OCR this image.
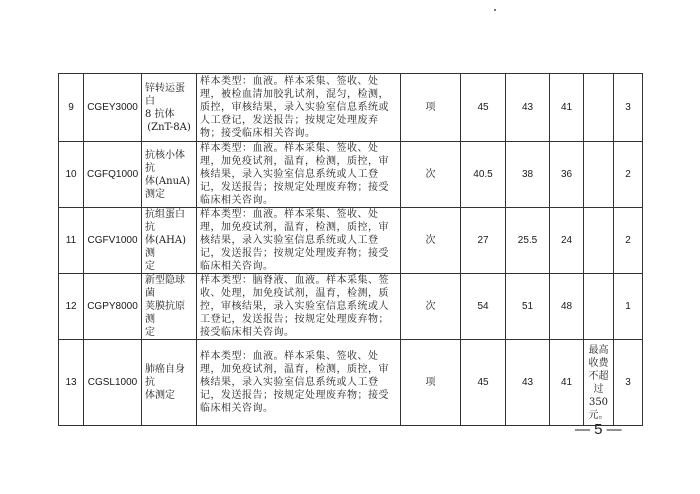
9	CGEY3000	锌转运蛋白
8 抗体
(ZnT-8A)	样本类型：血液。样本采集、签收、处理，被检血清加胶乳试剂，混匀，检测，质控，审核结果，录入实验室信息系统或人工登记，发送报告；按规定处理废弃物；接受临床相关咨询。	项	45	43	41		3
10	CGFQ1000	抗核小体抗
体(AnuA)
测定	样本类型：血液。样本采集、签收、处理，加免疫试剂，温育，检测，质控，审核结果，录入实验室信息系统或人工登记，发送报告；按规定处理废弃物；接受临床相关咨询。	次	40.5	38	36		2
11	CGFV1000	抗组蛋白抗
体(AHA)测
定	样本类型：血液。样本采集、签收、处理，加免疫试剂，温育，检测，质控，审核结果，录入实验室信息系统或人工登记，发送报告；按规定处理废弃物；接受临床相关咨询。	次	27	25.5	24		2
12	CGPY8000	新型隐球菌
荚膜抗原测
定	样本类型：脑脊液、血液。样本采集、签收、处理，加免疫试剂，温育，检测，质控，审核结果，录入实验室信息系统或人工登记，发送报告；按规定处理废弃物；接受临床相关咨询。	次	54	51	48		1
13	CGSL1000	肺癌自身抗
体测定	样本类型：血液。样本采集、签收、处理，加免疫试剂，温育，检测，质控，审核结果，录入实验室信息系统或人工登记，发送报告；按规定处理废弃物；接受临床相关咨询。	项	45	43	41	最高收费不超过350元。	3
— 5 —
